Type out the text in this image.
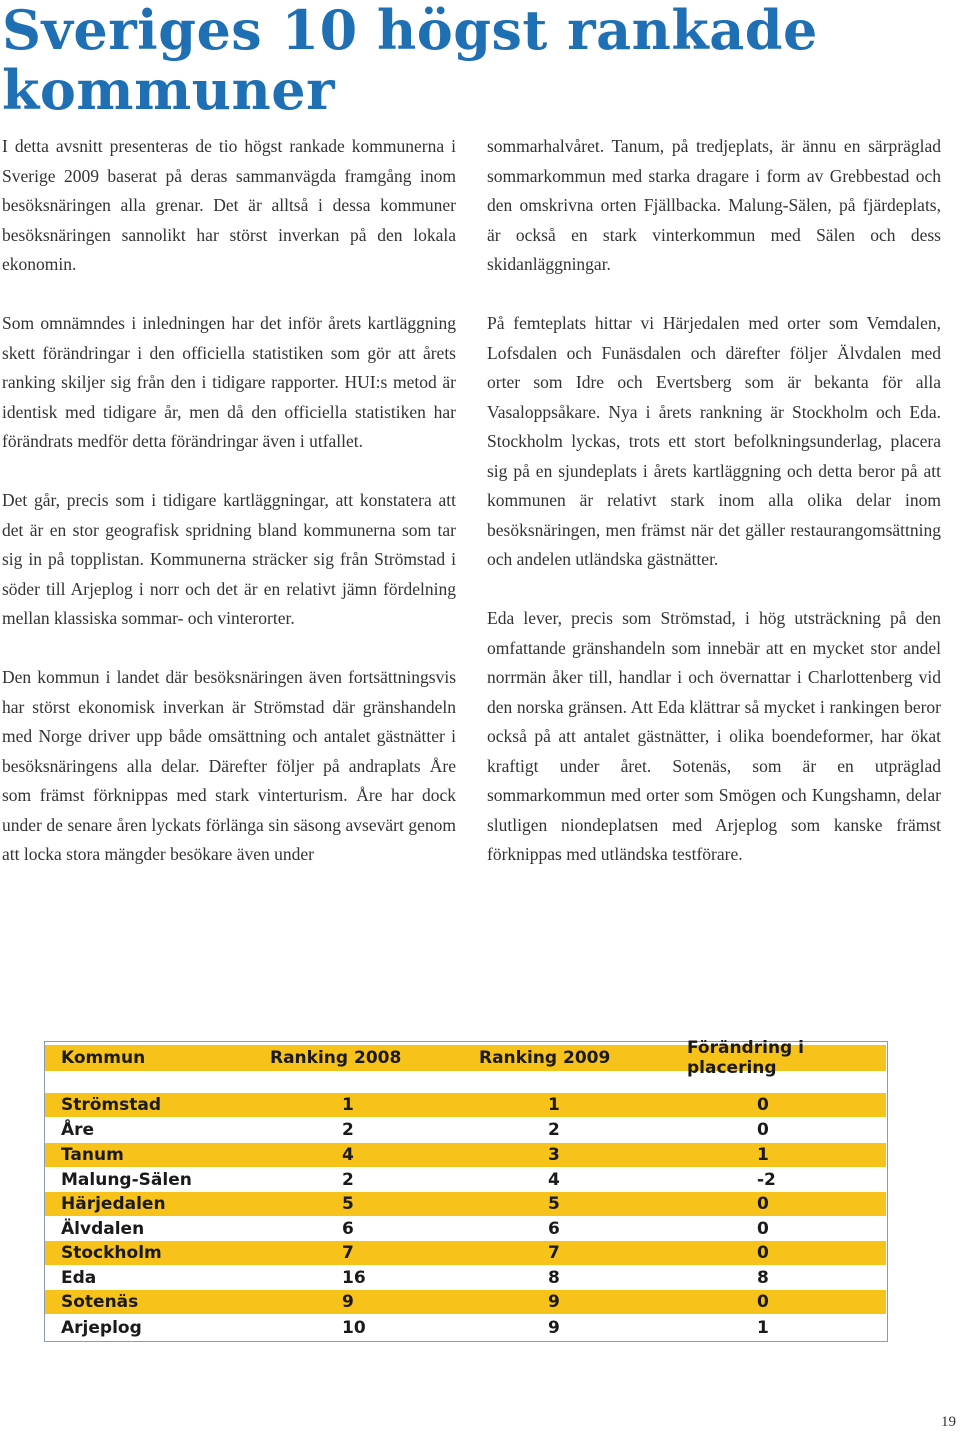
Sveriges 10 högst rankade kommuner

I detta avsnitt presenteras de tio högst rankade kommunerna i Sverige 2009 baserat på deras sammanvägda framgång inom besöksnäringen alla grenar. Det är alltså i dessa kommuner besöksnäringen sannolikt har störst inverkan på den lokala ekonomin.

Som omnämndes i inledningen har det inför årets kartläggning skett förändringar i den officiella statistiken som gör att årets ranking skiljer sig från den i tidigare rapporter. HUI:s metod är identisk med tidigare år, men då den officiella statistiken har förändrats medför detta förändringar även i utfallet.

Det går, precis som i tidigare kartläggningar, att konstatera att det är en stor geografisk spridning bland kommunerna som tar sig in på topplistan. Kommunerna sträcker sig från Strömstad i söder till Arjeplog i norr och det är en relativt jämn fördelning mellan klassiska sommar- och vinterorter.

Den kommun i landet där besöksnäringen även fortsättningsvis har störst ekonomisk inverkan är Strömstad där gränshandeln med Norge driver upp både omsättning och antalet gästnätter i besöksnäringens alla delar. Därefter följer på andraplats Åre som främst förknippas med stark vinterturism. Åre har dock under de senare åren lyckats förlänga sin säsong avsevärt genom att locka stora mängder besökare även under

sommarhalvåret. Tanum, på tredjeplats, är ännu en särpräglad sommarkommun med starka dragare i form av Grebbestad och den omskrivna orten Fjällbacka. Malung-Sälen, på fjärdeplats, är också en stark vinterkommun med Sälen och dess skidanläggningar.

På femteplats hittar vi Härjedalen med orter som Vemdalen, Lofsdalen och Funäsdalen och därefter följer Älvdalen med orter som Idre och Evertsberg som är bekanta för alla Vasaloppsåkare. Nya i årets rankning är Stockholm och Eda. Stockholm lyckas, trots ett stort befolkningsunderlag, placera sig på en sjundeplats i årets kartläggning och detta beror på att kommunen är relativt stark inom alla olika delar inom besöksnäringen, men främst när det gäller restaurangomsättning och andelen utländska gästnätter.

Eda lever, precis som Strömstad, i hög utsträckning på den omfattande gränshandeln som innebär att en mycket stor andel norrmän åker till, handlar i och övernattar i Charlottenberg vid den norska gränsen. Att Eda klättrar så mycket i rankingen beror också på att antalet gästnätter, i olika boendeformer, har ökat kraftigt under året. Sotenäs, som är en utpräglad sommarkommun med orter som Smögen och Kungshamn, delar slutligen niondeplatsen med Arjeplog som kanske främst förknippas med utländska testförare.

Kommun	Ranking 2008	Ranking 2009	Förändring i placering
Strömstad	1	1	0
Åre	2	2	0
Tanum	4	3	1
Malung-Sälen	2	4	-2
Härjedalen	5	5	0
Älvdalen	6	6	0
Stockholm	7	7	0
Eda	16	8	8
Sotenäs	9	9	0
Arjeplog	10	9	1
19
